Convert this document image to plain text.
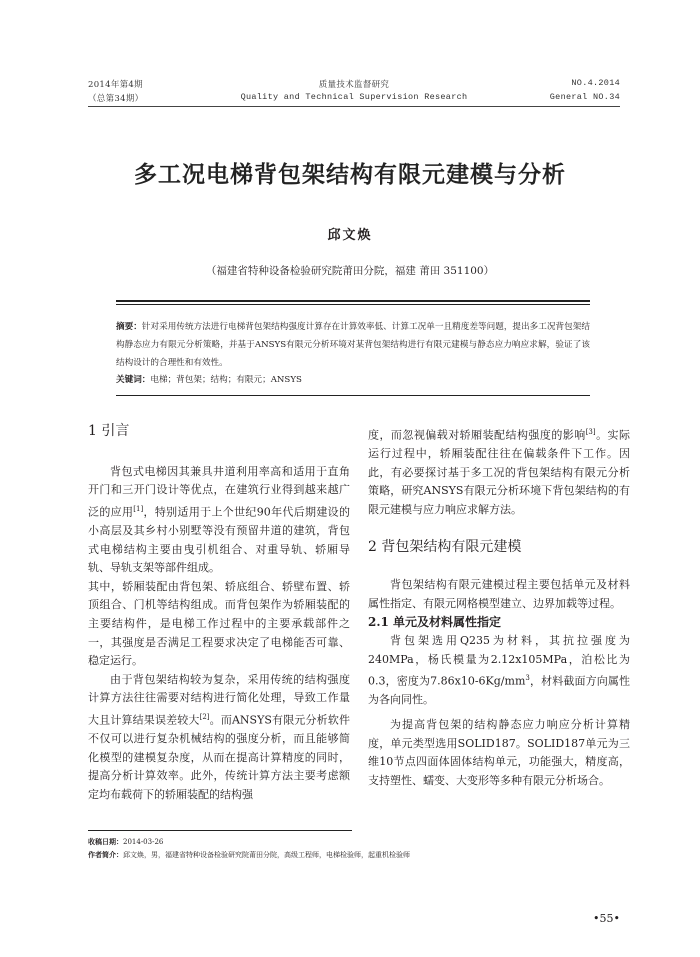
2014年第4期	质量技术监督研究	NO.4.2014
（总第34期）	Quality and Technical Supervision Research	General NO.34
多工况电梯背包架结构有限元建模与分析
邱文焕
（福建省特种设备检验研究院莆田分院，福建 莆田 351100）
摘要：针对采用传统方法进行电梯背包架结构强度计算存在计算效率低、计算工况单一且精度差等问题，提出多工况背包架结构静态应力有限元分析策略，并基于ANSYS有限元分析环境对某背包架结构进行有限元建模与静态应力响应求解，验证了该结构设计的合理性和有效性。
关键词：电梯；背包架；结构；有限元；ANSYS
1 引言

背包式电梯因其兼具井道利用率高和适用于直角开门和三开门设计等优点，在建筑行业得到越来越广泛的应用[1]，特别适用于上个世纪90年代后期建设的小高层及其乡村小别墅等没有预留井道的建筑，背包式电梯结构主要由曳引机组合、对重导轨、轿厢导轨、导轨支架等部件组成。

其中，轿厢装配由背包架、轿底组合、轿壁布置、轿顶组合、门机等结构组成。而背包架作为轿厢装配的主要结构件，是电梯工作过程中的主要承载部件之一，其强度是否满足工程要求决定了电梯能否可靠、稳定运行。

由于背包架结构较为复杂，采用传统的结构强度计算方法往往需要对结构进行简化处理，导致工作量大且计算结果误差较大[2]。而ANSYS有限元分析软件不仅可以进行复杂机械结构的强度分析，而且能够简化模型的建模复杂度，从而在提高计算精度的同时，提高分析计算效率。此外，传统计算方法主要考虑额定均布载荷下的轿厢装配的结构强

度，而忽视偏载对轿厢装配结构强度的影响[3]。实际运行过程中，轿厢装配往往在偏载条件下工作。因此，有必要探讨基于多工况的背包架结构有限元分析策略，研究ANSYS有限元分析环境下背包架结构的有限元建模与应力响应求解方法。

2 背包架结构有限元建模

背包架结构有限元建模过程主要包括单元及材料属性指定、有限元网格模型建立、边界加载等过程。

2.1 单元及材料属性指定

背包架选用Q235为材料，其抗拉强度为240MPa，杨氏模量为2.12x105MPa，泊松比为0.3，密度为$7.86x10-6Kg/mm^3$，材料截面方向属性为各向同性。

为提高背包架的结构静态应力响应分析计算精度，单元类型选用SOLID187。SOLID187单元为三维10节点四面体固体结构单元，功能强大，精度高，支持塑性、蠕变、大变形等多种有限元分析场合。

收稿日期：2014-03-26
作者简介：邱文焕，男，福建省特种设备检验研究院莆田分院，高级工程师，电梯检验师，起重机检验师
•55•
